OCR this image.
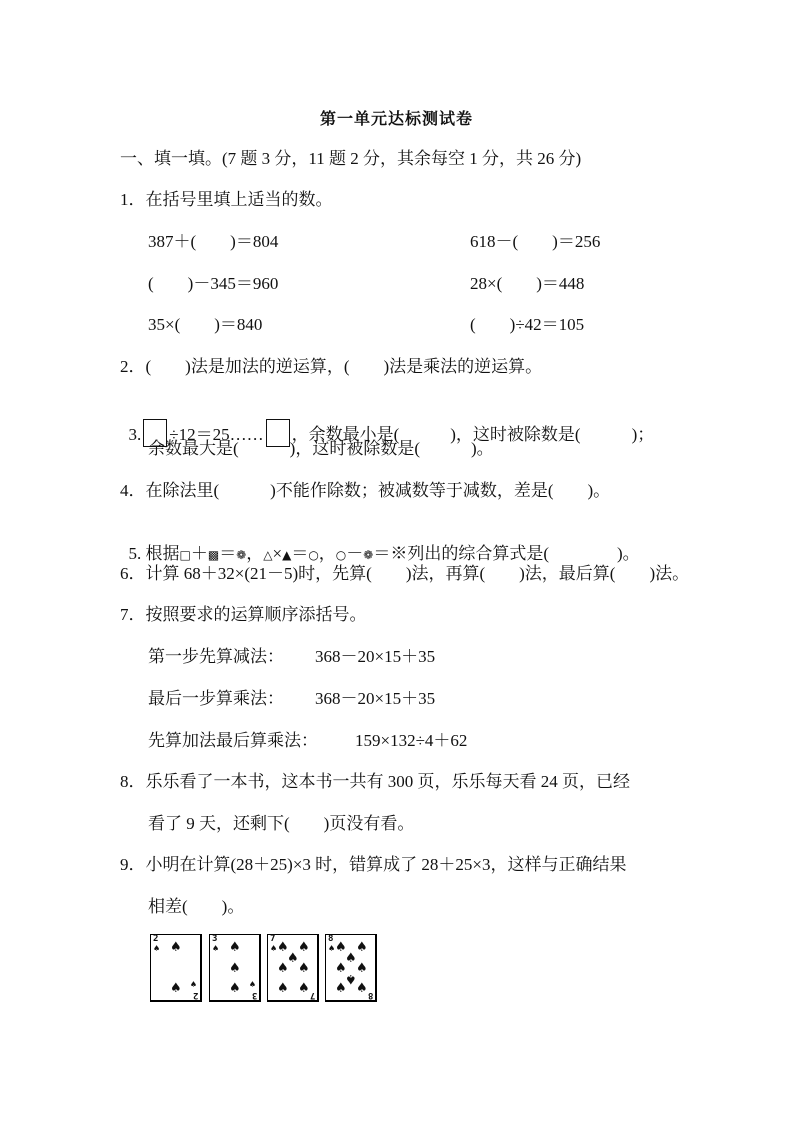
第一单元达标测试卷
一、填一填。(7 题 3 分，11 题 2 分，其余每空 1 分，共 26 分)
1．在括号里填上适当的数。
387＋(　　)＝804	618－(　　)＝256
(　　)－345＝960	28×(　　)＝448
35×(　　)＝840	(　　)÷42＝105
2．(　　)法是加法的逆运算，(　　)法是乘法的逆运算。

3. ÷12＝25…… ，余数最小是(　　　)，这时被除数是(　　　)；

余数最大是(　　　)，这时被除数是(　　　)。
4．在除法里(　　　)不能作除数；被减数等于减数，差是(　　)。

5. 根据□＋▩＝❁，△×▲＝○，○－❁＝※列出的综合算式是(　　　　)。

6．计算 68＋32×(21－5)时，先算(　　)法，再算(　　)法，最后算(　　)法。
7．按照要求的运算顺序添括号。
第一步先算减法： 368－20×15＋35
最后一步算乘法： 368－20×15＋35
先算加法最后算乘法： 159×132÷4＋62
8．乐乐看了一本书，这本书一共有 300 页，乐乐每天看 24 页，已经
看了 9 天，还剩下(　　)页没有看。
9．小明在计算(28＋25)×3 时，错算成了 28＋25×3，这样与正确结果
相差(　　)。
2
♠ ♠
♠ ♠
2
3
♠ ♠
♠
♠ ♠
3
7
♠ ♠ ♠
♠
♠ ♠
♠ ♠ 7
8
♠ ♠ ♠
♠
♠ ♠
♠
♠ ♠ 8
